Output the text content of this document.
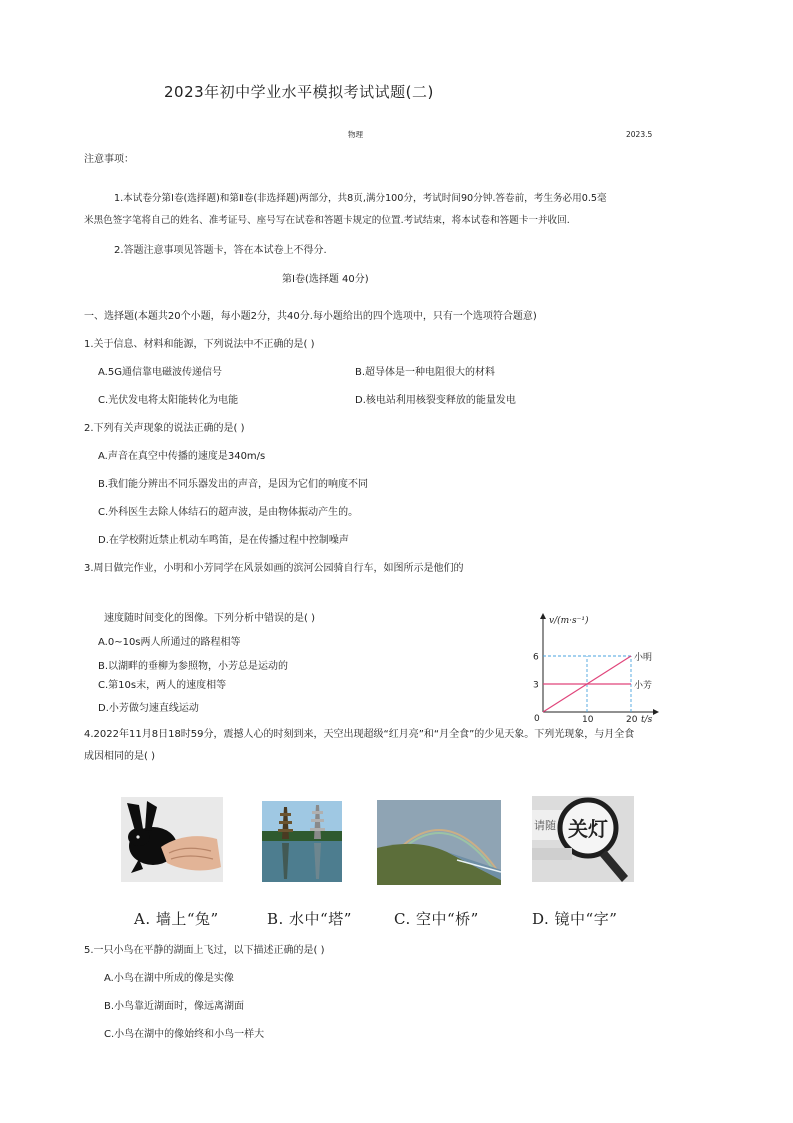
2023年初中学业水平模拟考试试题(二)
物理	2023.5
注意事项：
1.本试卷分第Ⅰ卷(选择题)和第Ⅱ卷(非选择题)两部分，共8页,满分100分，考试时间90分钟.答卷前，考生务必用0.5毫
米黑色签字笔将自己的姓名、准考证号、座号写在试卷和答题卡规定的位置.考试结束，将本试卷和答题卡一并收回.
2.答题注意事项见答题卡，答在本试卷上不得分.
第Ⅰ卷(选择题 40分)
一、选择题(本题共20个小题，每小题2分，共40分.每小题给出的四个选项中，只有一个选项符合题意)
1.关于信息、材料和能源，下列说法中不正确的是( )
A.5G通信靠电磁波传递信号	B.超导体是一种电阻很大的材料
C.光伏发电将太阳能转化为电能	D.核电站利用核裂变释放的能量发电
2.下列有关声现象的说法正确的是( )
A.声音在真空中传播的速度是340m/s
B.我们能分辨出不同乐器发出的声音，是因为它们的响度不同
C.外科医生去除人体结石的超声波，是由物体振动产生的。
D.在学校附近禁止机动车鸣笛，是在传播过程中控制噪声
3.周日做完作业，小明和小芳同学在风景如画的滨河公园骑自行车，如图所示是他们的
速度随时间变化的图像。下列分析中错误的是( )
A.0~10s两人所通过的路程相等
B.以湖畔的垂柳为参照物，小芳总是运动的
C.第10s末，两人的速度相等
D.小芳做匀速直线运动
v/(m·s⁻¹)
t/s
0
3
6
10	20
小明
小芳
4.2022年11月8日18时59分，震撼人心的时刻到来，天空出现超级“红月亮”和“月全食”的少见天象。下列光现象，与月全食
成因相同的是( )
请随 关灯
A. 墙上“兔”	B. 水中“塔”	C. 空中“桥”	D. 镜中“字”
5.一只小鸟在平静的湖面上飞过，以下描述正确的是( )
A.小鸟在湖中所成的像是实像
B.小鸟靠近湖面时，像远离湖面
C.小鸟在湖中的像始终和小鸟一样大
